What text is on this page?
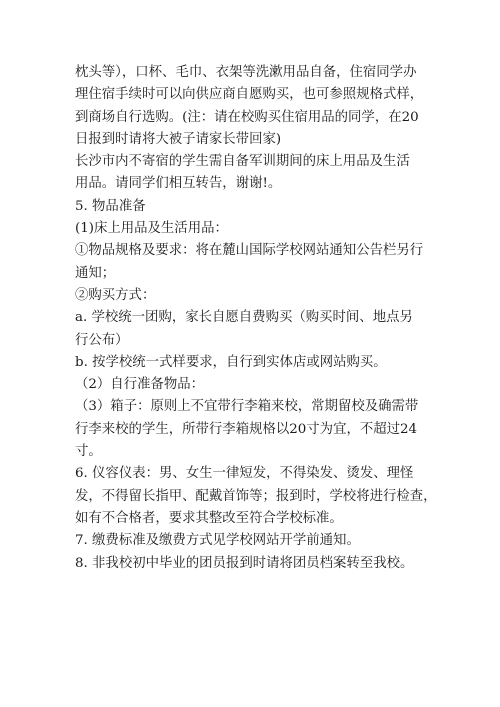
枕头等），口杯、毛巾、衣架等洗漱用品自备，住宿同学办
理住宿手续时可以向供应商自愿购买，也可参照规格式样，
到商场自行选购。(注：请在校购买住宿用品的同学，在20
日报到时请将大被子请家长带回家)
长沙市内不寄宿的学生需自备军训期间的床上用品及生活
用品。请同学们相互转告，谢谢!。
5. 物品准备
(1)床上用品及生活用品：
①物品规格及要求：将在麓山国际学校网站通知公告栏另行
通知；
②购买方式：
a. 学校统一团购，家长自愿自费购买（购买时间、地点另
行公布）
b. 按学校统一式样要求，自行到实体店或网站购买。
（2）自行准备物品：
（3）箱子：原则上不宜带行李箱来校，常期留校及确需带
行李来校的学生，所带行李箱规格以20寸为宜，不超过24
寸。
6. 仪容仪表：男、女生一律短发，不得染发、烫发、理怪
发，不得留长指甲、配戴首饰等；报到时，学校将进行检查，
如有不合格者，要求其整改至符合学校标准。
7. 缴费标准及缴费方式见学校网站开学前通知。
8. 非我校初中毕业的团员报到时请将团员档案转至我校。
